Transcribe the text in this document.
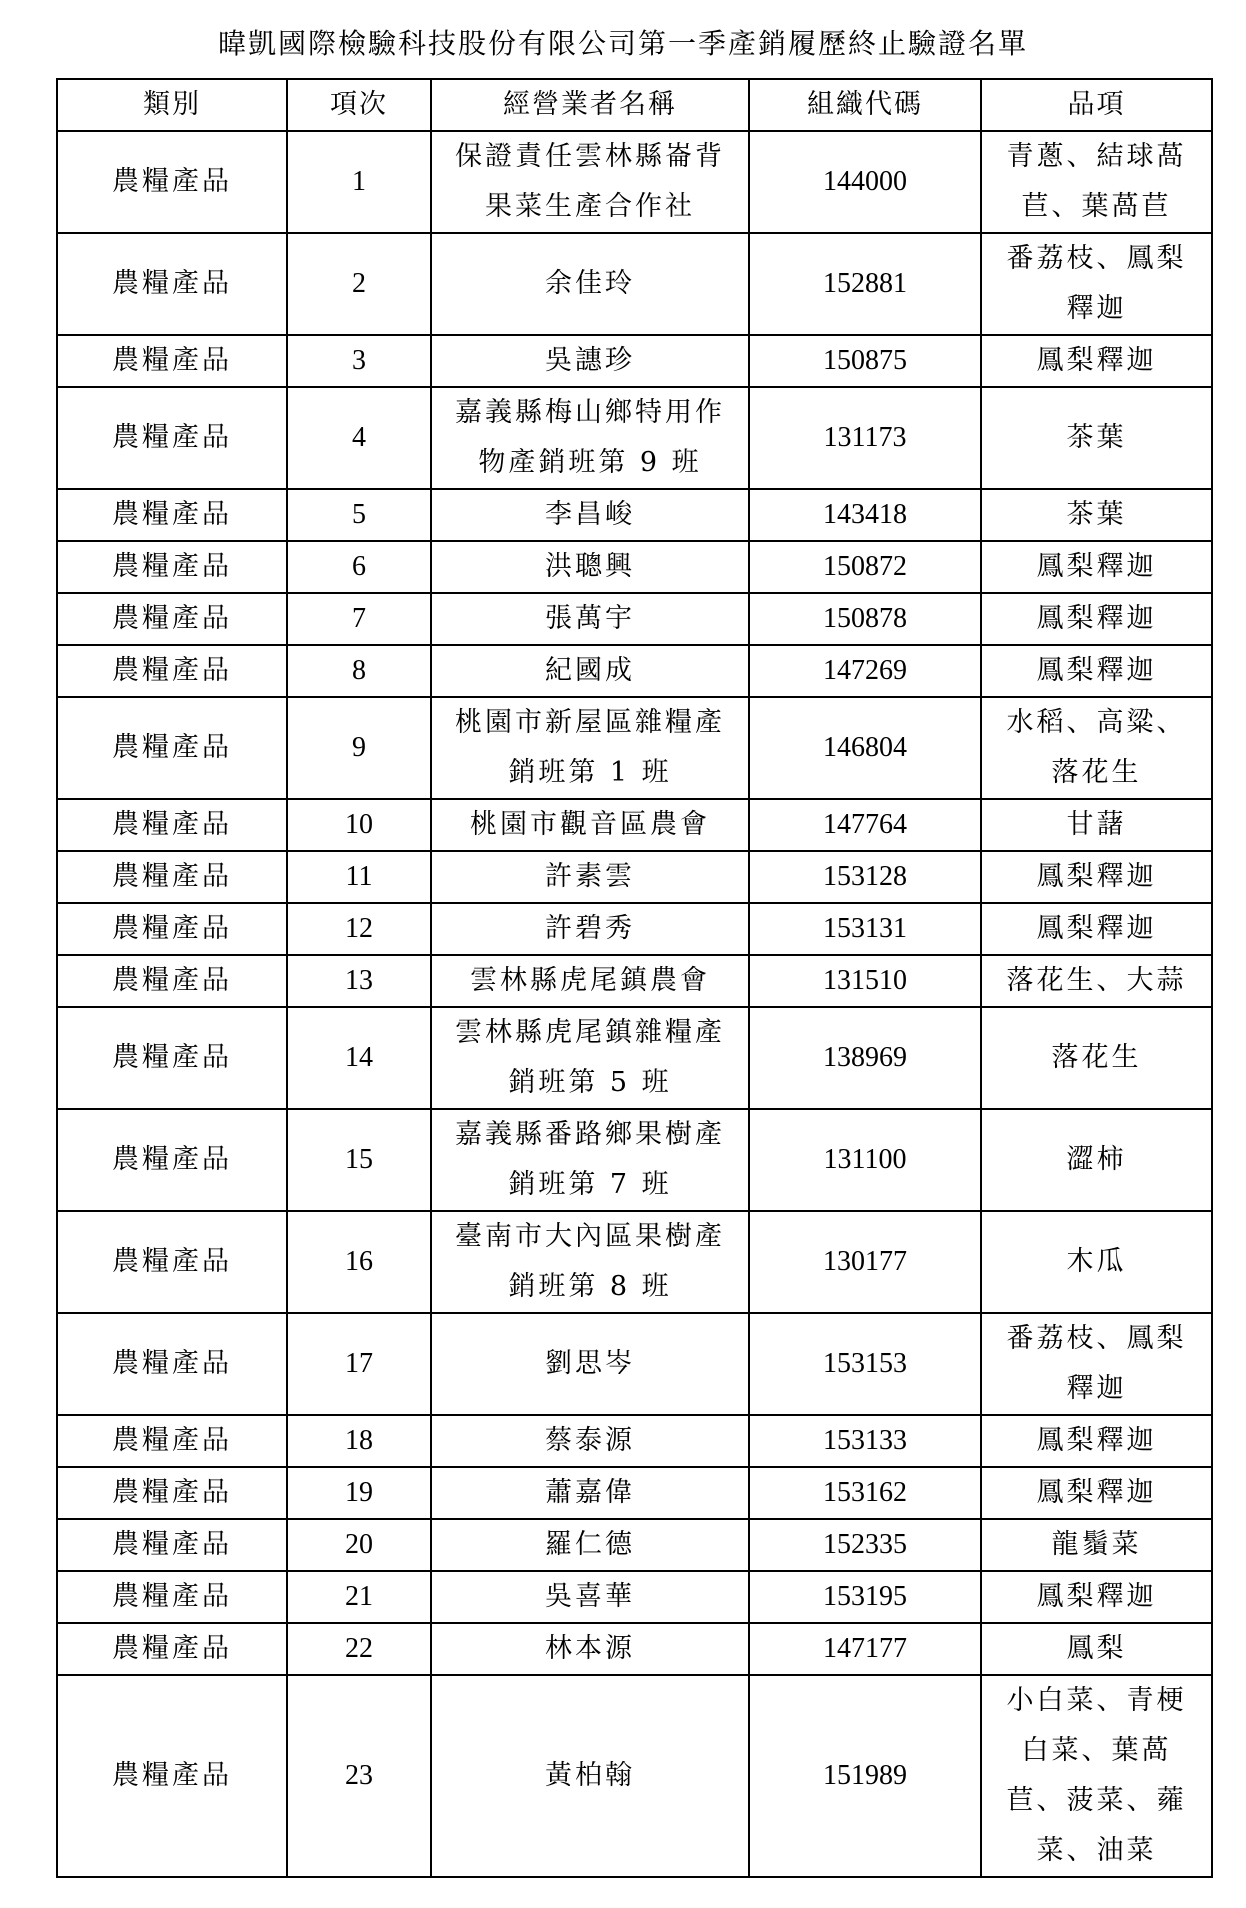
暐凱國際檢驗科技股份有限公司第一季產銷履歷終止驗證名單
類別	項次	經營業者名稱	組織代碼	品項
農糧產品	1	保證責任雲林縣崙背果菜生產合作社	144000	青蔥、結球萵苣、葉萵苣
農糧產品	2	余佳玲	152881	番荔枝、鳳梨釋迦
農糧產品	3	吳譓珍	150875	鳳梨釋迦
農糧產品	4	嘉義縣梅山鄉特用作物產銷班第 9 班	131173	茶葉
農糧產品	5	李昌峻	143418	茶葉
農糧產品	6	洪聰興	150872	鳳梨釋迦
農糧產品	7	張萬宇	150878	鳳梨釋迦
農糧產品	8	紀國成	147269	鳳梨釋迦
農糧產品	9	桃園市新屋區雜糧產銷班第 1 班	146804	水稻、高粱、落花生
農糧產品	10	桃園市觀音區農會	147764	甘藷
農糧產品	11	許素雲	153128	鳳梨釋迦
農糧產品	12	許碧秀	153131	鳳梨釋迦
農糧產品	13	雲林縣虎尾鎮農會	131510	落花生、大蒜
農糧產品	14	雲林縣虎尾鎮雜糧產銷班第 5 班	138969	落花生
農糧產品	15	嘉義縣番路鄉果樹產銷班第 7 班	131100	澀柿
農糧產品	16	臺南市大內區果樹產銷班第 8 班	130177	木瓜
農糧產品	17	劉思岑	153153	番荔枝、鳳梨釋迦
農糧產品	18	蔡泰源	153133	鳳梨釋迦
農糧產品	19	蕭嘉偉	153162	鳳梨釋迦
農糧產品	20	羅仁德	152335	龍鬚菜
農糧產品	21	吳喜華	153195	鳳梨釋迦
農糧產品	22	林本源	147177	鳳梨
農糧產品	23	黃柏翰	151989	小白菜、青梗白菜、葉萵苣、菠菜、蕹菜、油菜
